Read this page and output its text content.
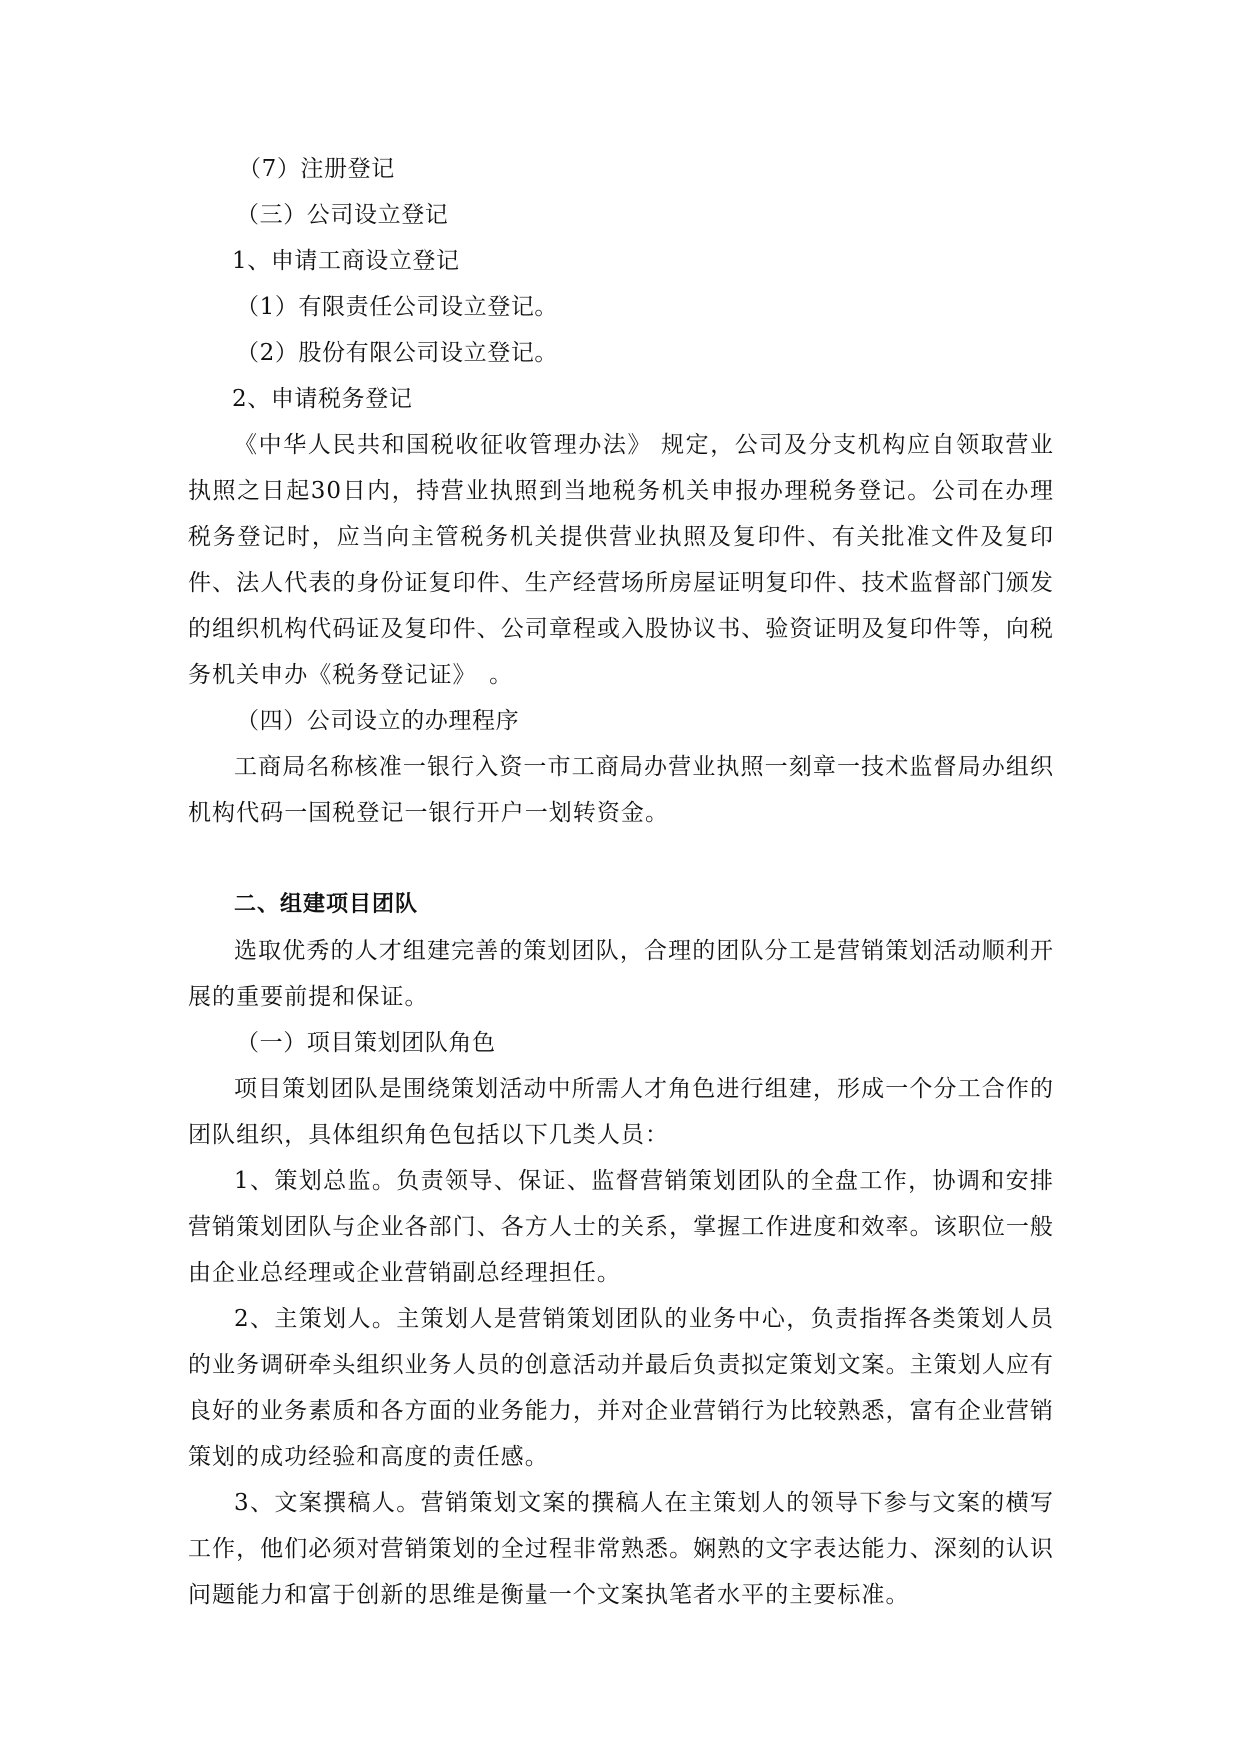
（7）注册登记
（三）公司设立登记
1、申请工商设立登记
（1）有限责任公司设立登记。
（2）股份有限公司设立登记。
2、申请税务登记

《中华人民共和国税收征收管理办法》 规定，公司及分支机构应自领取营业执照之日起30日内，持营业执照到当地税务机关申报办理税务登记。公司在办理税务登记时，应当向主管税务机关提供营业执照及复印件、有关批准文件及复印件、法人代表的身份证复印件、生产经营场所房屋证明复印件、技术监督部门颁发的组织机构代码证及复印件、公司章程或入股协议书、验资证明及复印件等，向税务机关申办《税务登记证》　。

（四）公司设立的办理程序

工商局名称核准一银行入资一市工商局办营业执照一刻章一技术监督局办组织机构代码一国税登记一银行开户一划转资金。

二、组建项目团队

选取优秀的人才组建完善的策划团队，合理的团队分工是营销策划活动顺利开展的重要前提和保证。

（一）项目策划团队角色

项目策划团队是围绕策划活动中所需人才角色进行组建，形成一个分工合作的团队组织，具体组织角色包括以下几类人员：

1、策划总监。负责领导、保证、监督营销策划团队的全盘工作，协调和安排营销策划团队与企业各部门、各方人士的关系，掌握工作进度和效率。该职位一般由企业总经理或企业营销副总经理担任。

2、主策划人。主策划人是营销策划团队的业务中心，负责指挥各类策划人员的业务调研牵头组织业务人员的创意活动并最后负责拟定策划文案。主策划人应有良好的业务素质和各方面的业务能力，并对企业营销行为比较熟悉，富有企业营销策划的成功经验和高度的责任感。

3、文案撰稿人。营销策划文案的撰稿人在主策划人的领导下参与文案的横写工作，他们必须对营销策划的全过程非常熟悉。娴熟的文字表达能力、深刻的认识问题能力和富于创新的思维是衡量一个文案执笔者水平的主要标准。
